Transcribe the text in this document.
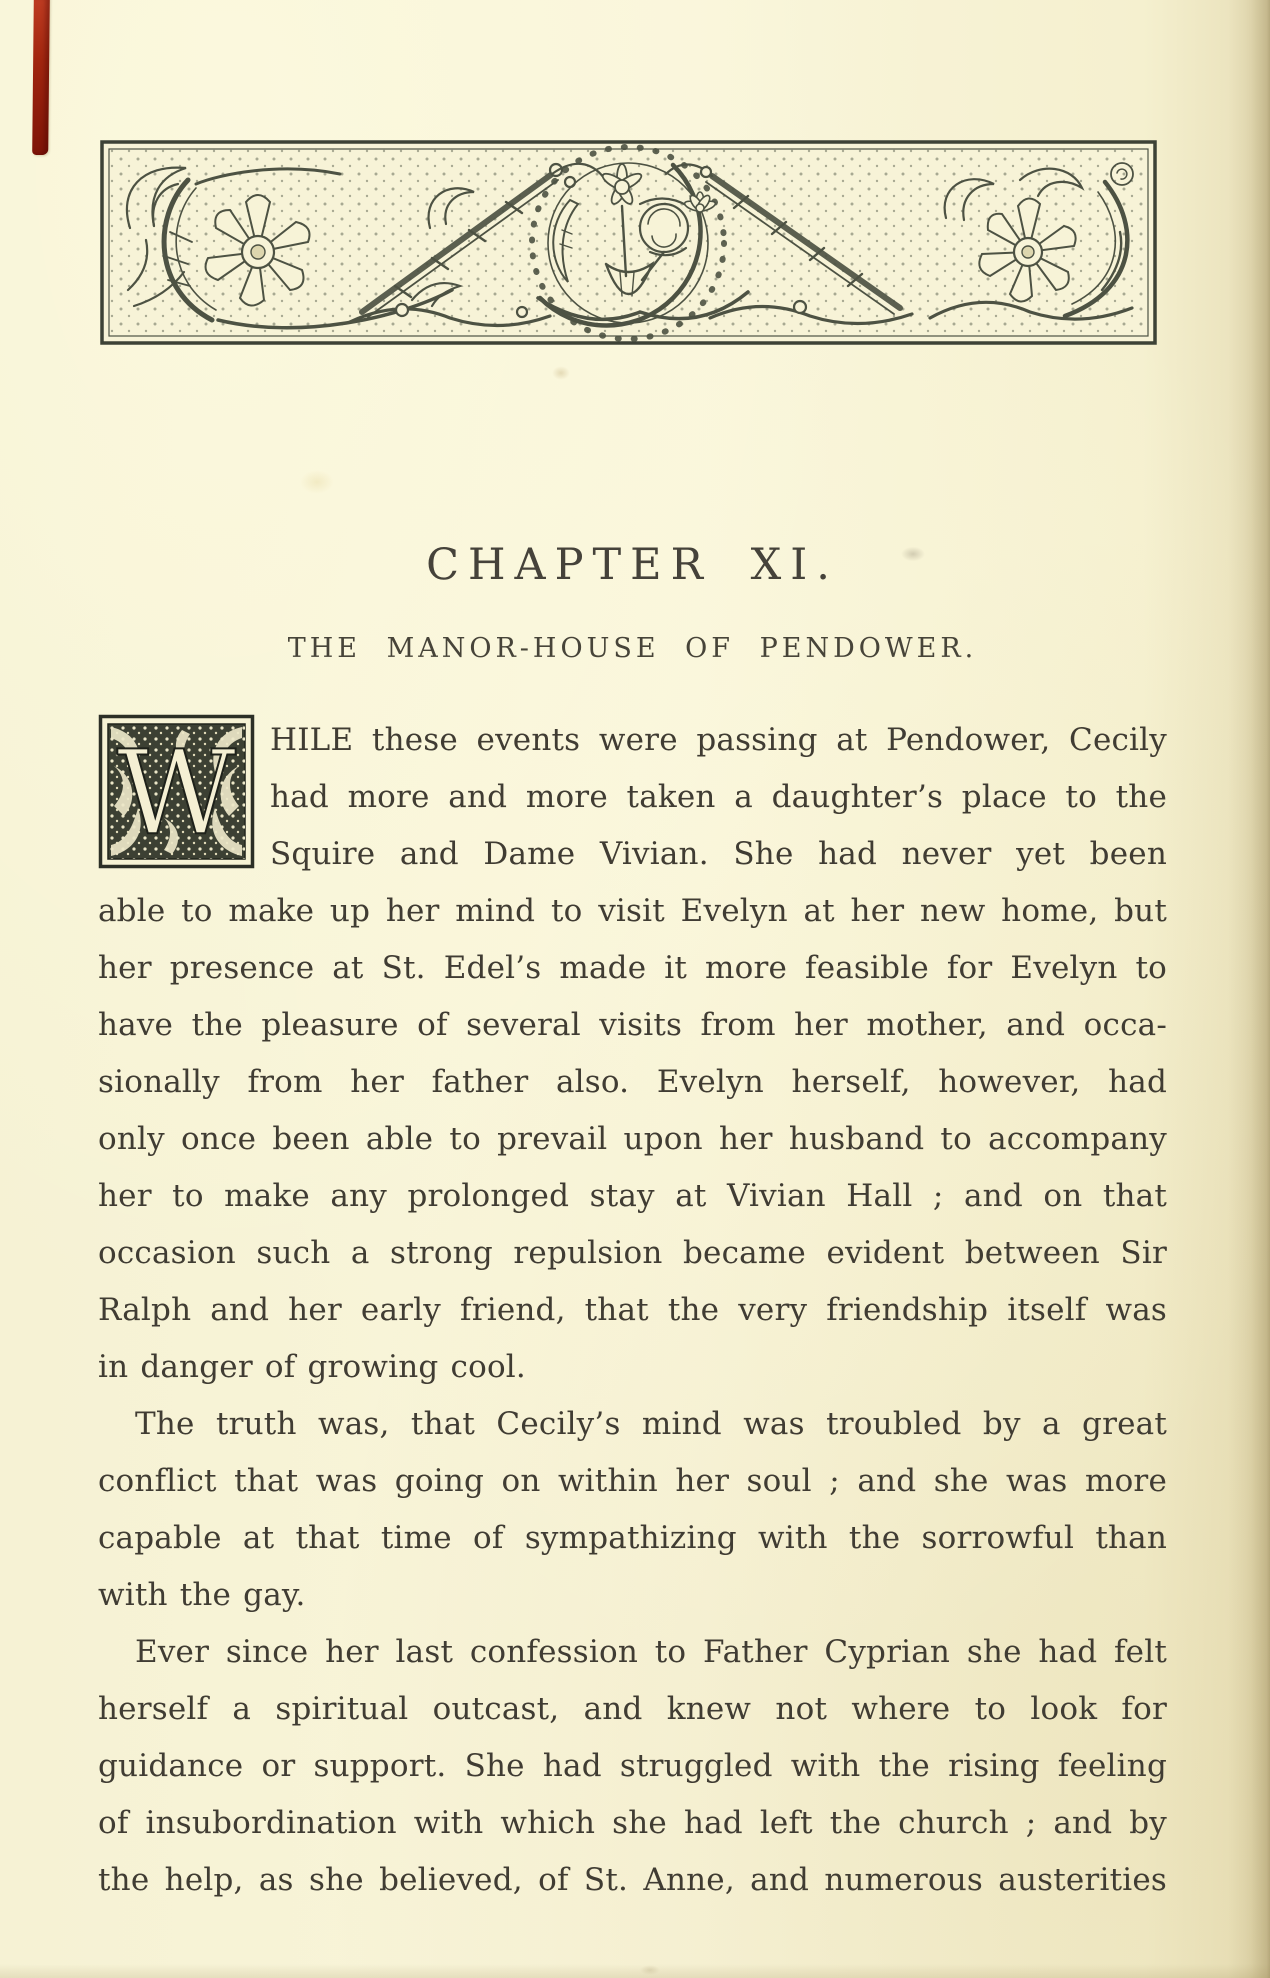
CHAPTER XI.
THE MANOR-HOUSE OF PENDOWER.
W	HILE these events were passing at Pendower, Cecily
had more and more taken a daughter’s place to the
Squire and Dame Vivian. She had never yet been
able to make up her mind to visit Evelyn at her new home, but
her presence at St. Edel’s made it more feasible for Evelyn to
have the pleasure of several visits from her mother, and occa-
sionally from her father also. Evelyn herself, however, had
only once been able to prevail upon her husband to accompany
her to make any prolonged stay at Vivian Hall ; and on that
occasion such a strong repulsion became evident between Sir
Ralph and her early friend, that the very friendship itself was
in danger of growing cool.
The truth was, that Cecily’s mind was troubled by a great
conflict that was going on within her soul ; and she was more
capable at that time of sympathizing with the sorrowful than
with the gay.
Ever since her last confession to Father Cyprian she had felt
herself a spiritual outcast, and knew not where to look for
guidance or support. She had struggled with the rising feeling
of insubordination with which she had left the church ; and by
the help, as she believed, of St. Anne, and numerous austerities
